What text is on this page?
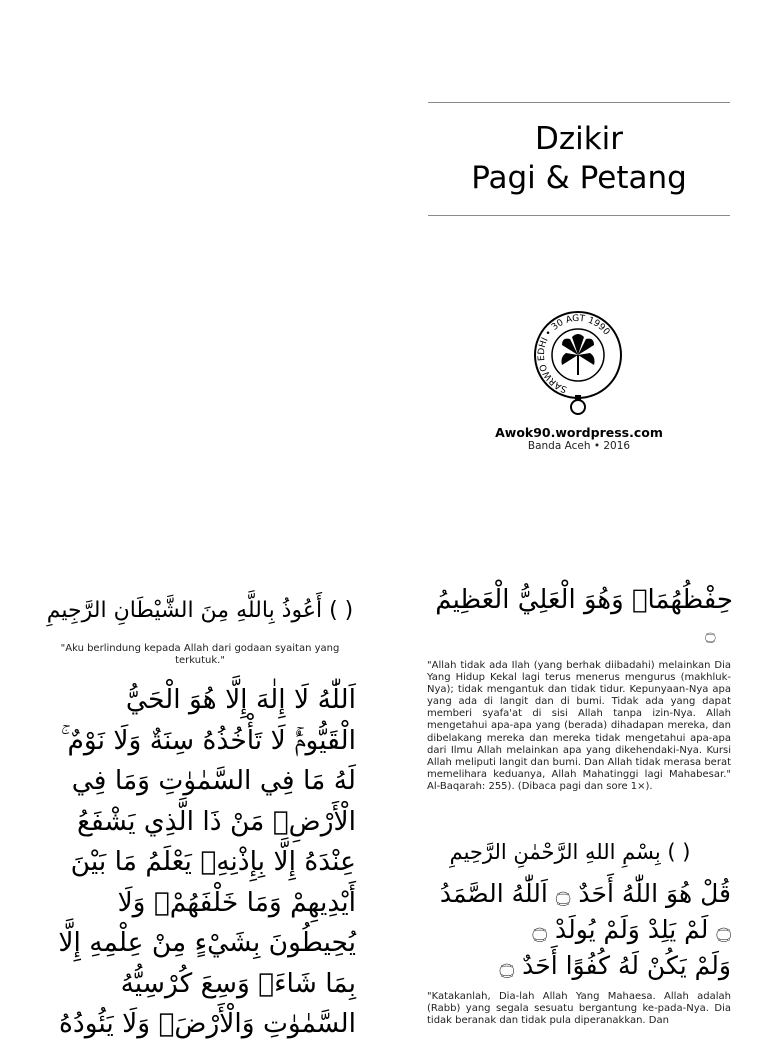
Dzikir
Pagi & Petang
SARWO EDHI • 30 AGT 1990
Awok90.wordpress.com
Banda Aceh • 2016
( ) أَعُوذُ بِاللَّهِ مِنَ الشَّيْطَانِ الرَّجِيمِ
"Aku berlindung kepada Allah dari godaan syaitan yang terkutuk."
اَللّٰهُ لَا إِلٰهَ إِلَّا هُوَ الْحَيُّ
الْقَيُّومُۚ لَا تَأْخُذُهُ سِنَةٌ وَلَا نَوْمٌ ۚ
لَهُ مَا فِي السَّمٰوٰتِ وَمَا فِي
الْأَرْضِۗ مَنْ ذَا الَّذِي يَشْفَعُ
عِنْدَهُ إِلَّا بِإِذْنِهِۚ يَعْلَمُ مَا بَيْنَ
أَيْدِيهِمْ وَمَا خَلْفَهُمْۖ وَلَا
يُحِيطُونَ بِشَيْءٍ مِنْ عِلْمِهِ إِلَّا
بِمَا شَاءَۚ وَسِعَ كُرْسِيُّهُ
السَّمٰوٰتِ وَالْأَرْضَۖ وَلَا يَئُودُهُ
حِفْظُهُمَاۚ وَهُوَ الْعَلِيُّ الْعَظِيمُ
۝
"Allah tidak ada Ilah (yang berhak diibadahi) melainkan Dia Yang Hidup Kekal lagi terus menerus mengurus (makhluk-Nya); tidak mengantuk dan tidak tidur. Kepunyaan-Nya apa yang ada di langit dan di bumi. Tidak ada yang dapat memberi syafa'at di sisi Allah tanpa izin-Nya. Allah mengetahui apa-apa yang (berada) dihadapan mereka, dan dibelakang mereka dan mereka tidak mengetahui apa-apa dari Ilmu Allah melainkan apa yang dikehendaki-Nya. Kursi Allah meliputi langit dan bumi. Dan Allah tidak merasa berat memelihara keduanya, Allah Mahatinggi lagi Mahabesar." Al-Baqarah: 255). (Dibaca pagi dan sore 1×).
( ) بِسْمِ اللهِ الرَّحْمٰنِ الرَّحِيمِ
قُلْ هُوَ اللّٰهُ أَحَدٌ ۝ اَللّٰهُ الصَّمَدُ
۝ لَمْ يَلِدْ وَلَمْ يُولَدْ ۝
وَلَمْ يَكُنْ لَهُ كُفُوًا أَحَدٌ ۝
"Katakanlah, Dia-lah Allah Yang Mahaesa. Allah adalah (Rabb) yang segala sesuatu bergantung ke-pada-Nya. Dia tidak beranak dan tidak pula diperanakkan. Dan
